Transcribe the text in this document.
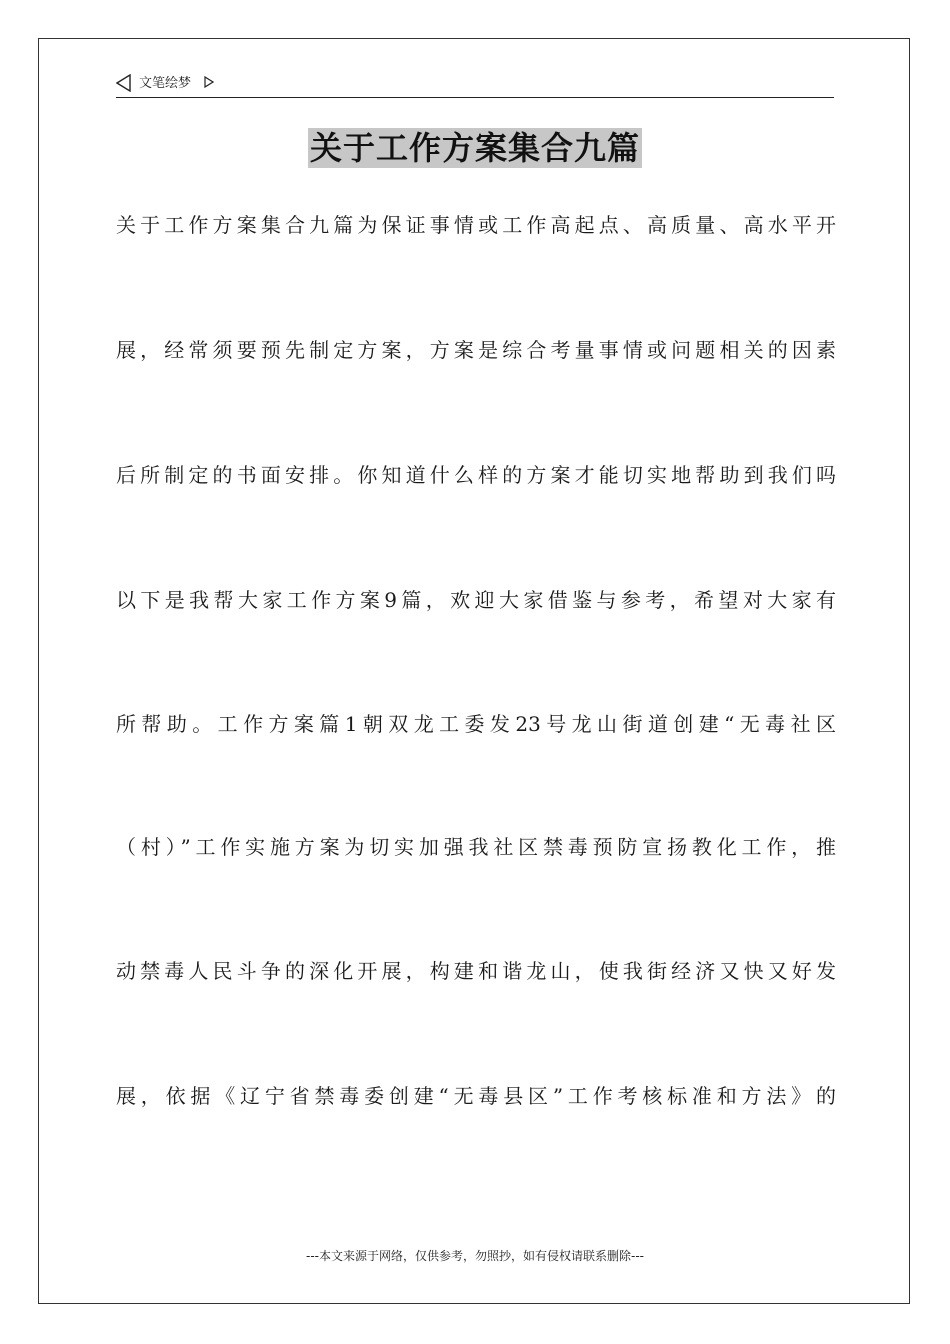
文笔绘梦
关于工作方案集合九篇
关于工作方案集合九篇为保证事情或工作高起点、高质量、高水平开
展，经常须要预先制定方案，方案是综合考量事情或问题相关的因素
后所制定的书面安排。你知道什么样的方案才能切实地帮助到我们吗
以下是我帮大家工作方案9篇，欢迎大家借鉴与参考，希望对大家有
所帮助。工作方案篇1朝双龙工委发23号龙山街道创建“无毒社区
（村）”工作实施方案为切实加强我社区禁毒预防宣扬教化工作，推
动禁毒人民斗争的深化开展，构建和谐龙山，使我街经济又快又好发
展，依据《辽宁省禁毒委创建“无毒县区”工作考核标准和方法》的
---本文来源于网络，仅供参考，勿照抄，如有侵权请联系删除---
